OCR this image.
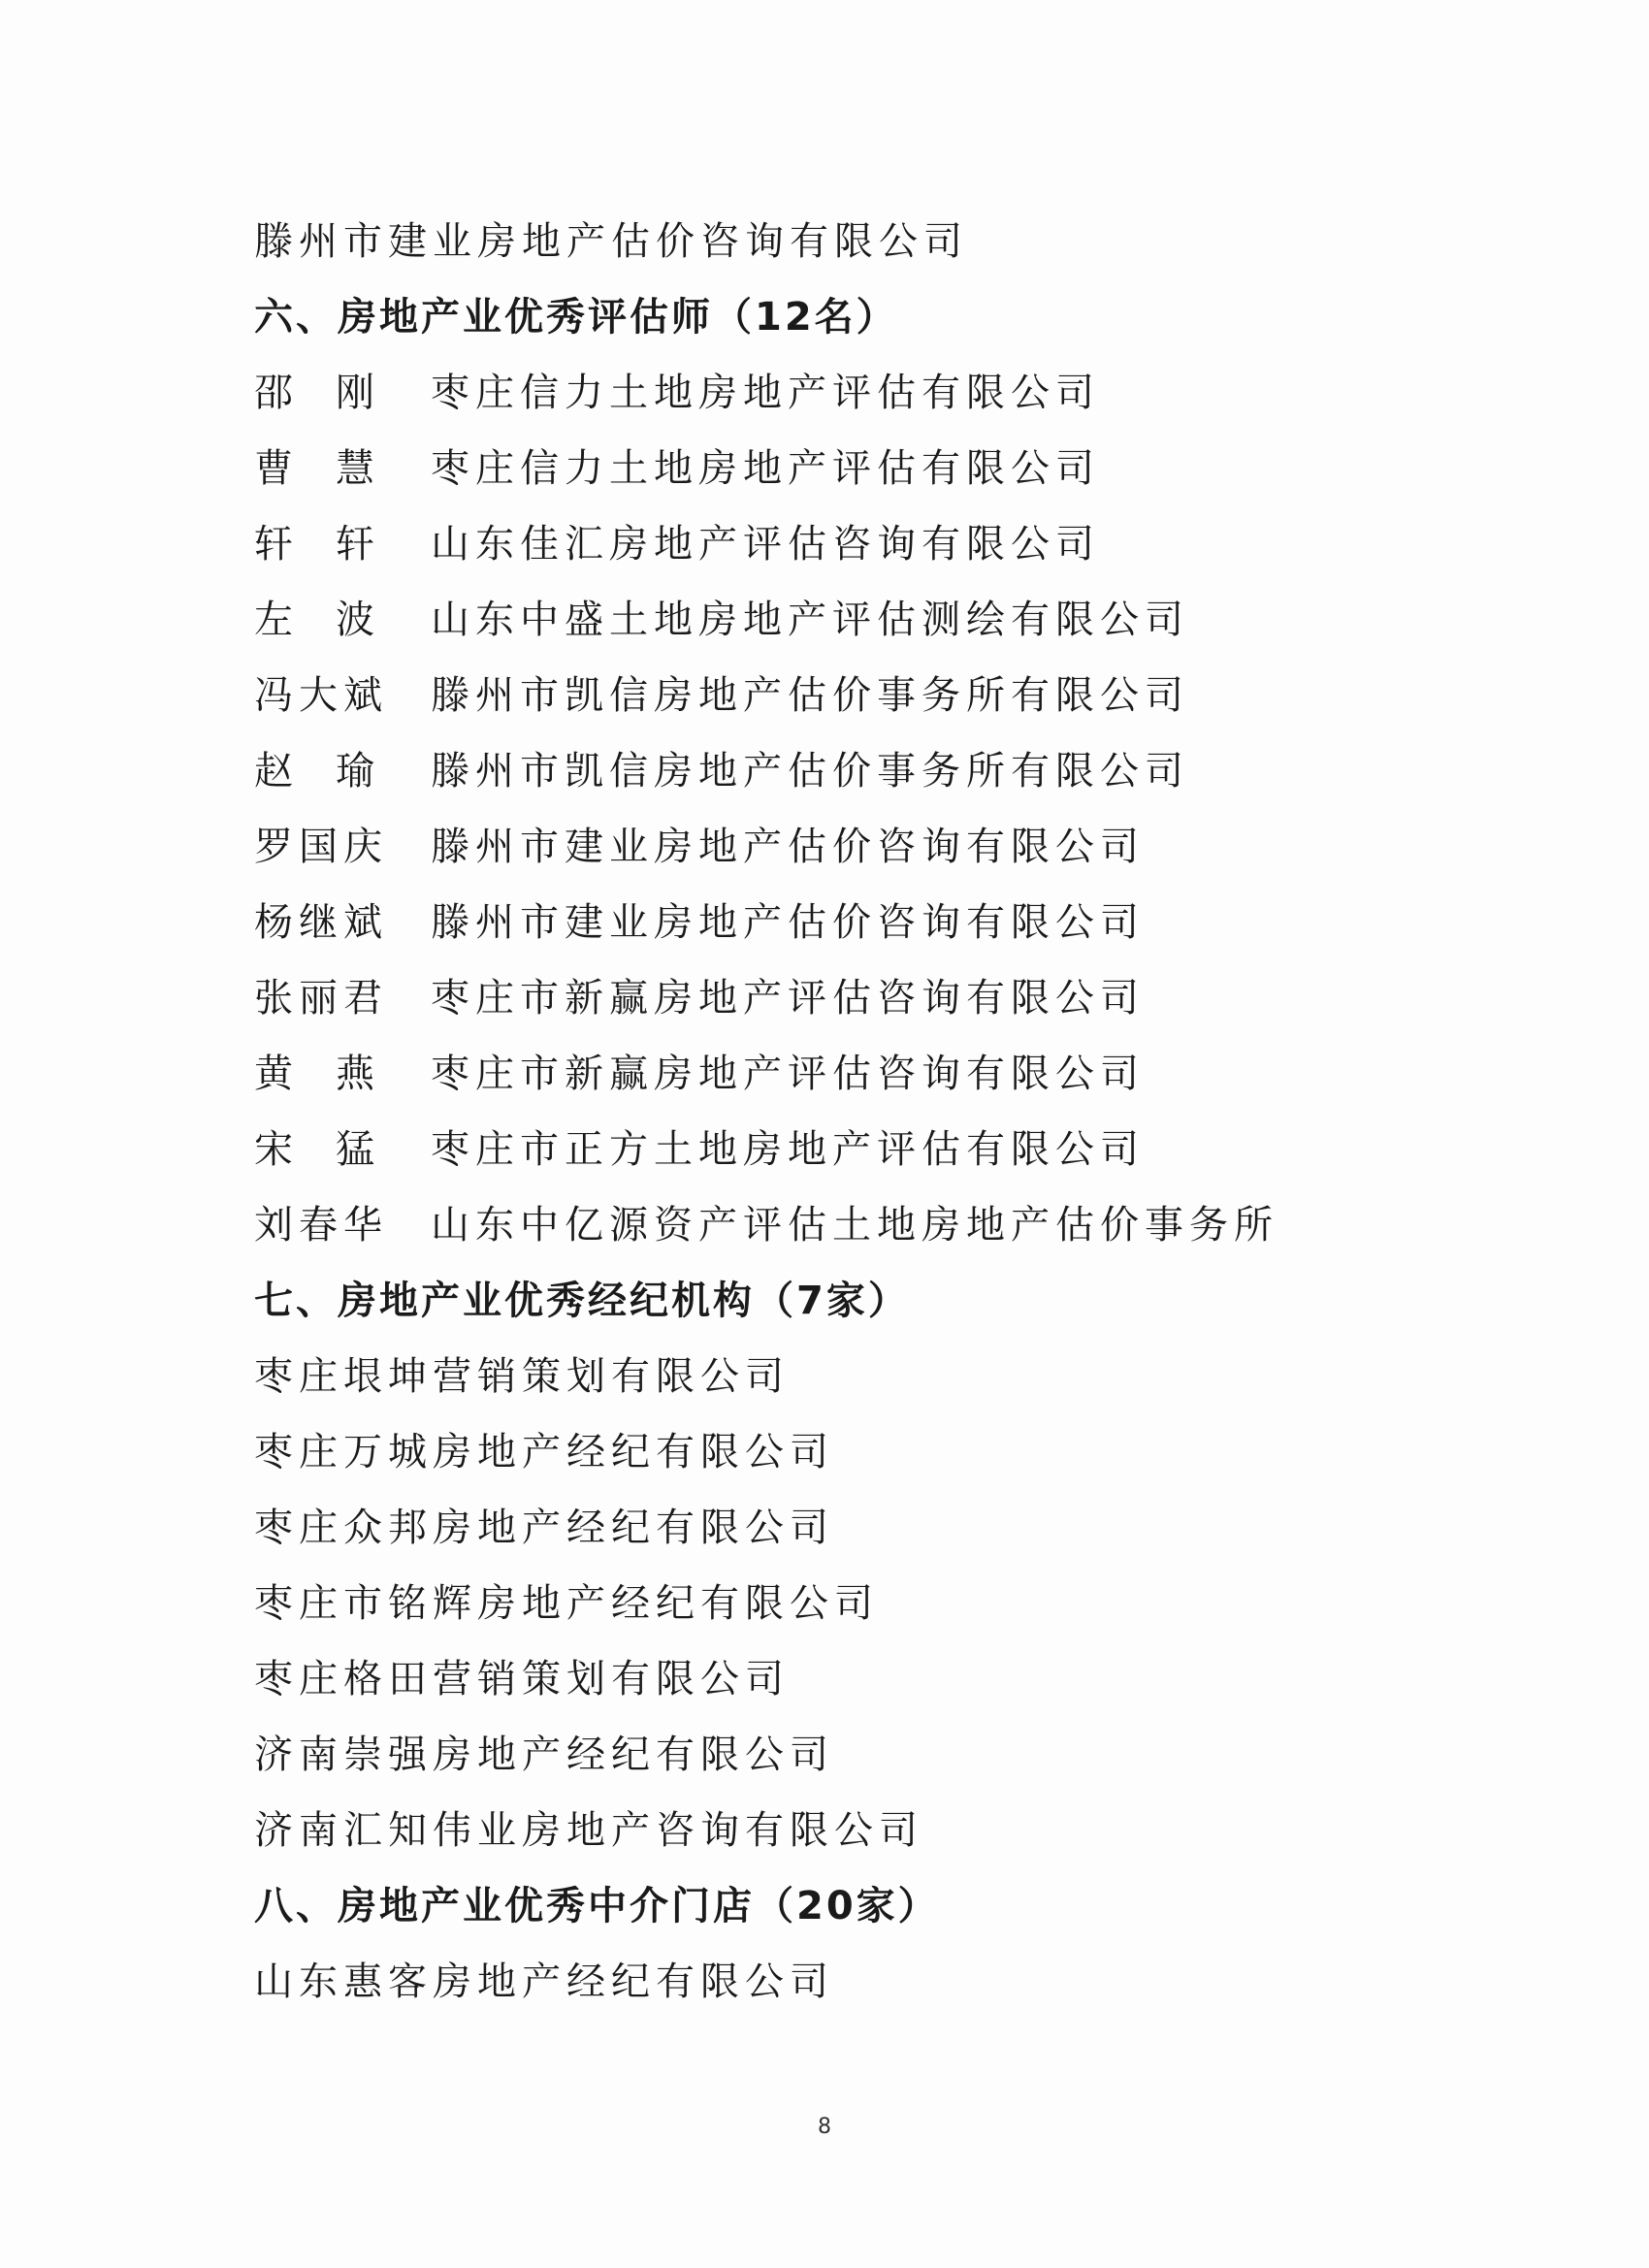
滕州市建业房地产估价咨询有限公司
六、房地产业优秀评估师（12名）
邵 刚 枣庄信力土地房地产评估有限公司
曹 慧 枣庄信力土地房地产评估有限公司
轩 轩 山东佳汇房地产评估咨询有限公司
左 波 山东中盛土地房地产评估测绘有限公司
冯 大 斌 滕州市凯信房地产估价事务所有限公司
赵 瑜 滕州市凯信房地产估价事务所有限公司
罗 国 庆 滕州市建业房地产估价咨询有限公司
杨 继 斌 滕州市建业房地产估价咨询有限公司
张 丽 君 枣庄市新赢房地产评估咨询有限公司
黄 燕 枣庄市新赢房地产评估咨询有限公司
宋 猛 枣庄市正方土地房地产评估有限公司
刘 春 华 山东中亿源资产评估土地房地产估价事务所
七、房地产业优秀经纪机构（7家）
枣庄垠坤营销策划有限公司
枣庄万城房地产经纪有限公司
枣庄众邦房地产经纪有限公司
枣庄市铭辉房地产经纪有限公司
枣庄格田营销策划有限公司
济南崇强房地产经纪有限公司
济南汇知伟业房地产咨询有限公司
八、房地产业优秀中介门店（20家）
山东惠客房地产经纪有限公司
8
